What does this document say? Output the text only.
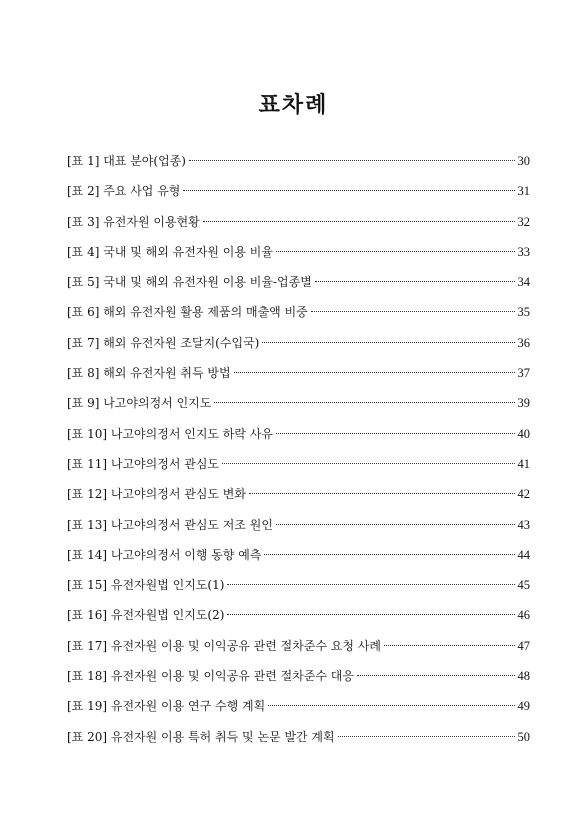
표차례
[표 1] 대표 분야(업종)	30
[표 2] 주요 사업 유형	31
[표 3] 유전자원 이용현황	32
[표 4] 국내 및 해외 유전자원 이용 비율	33
[표 5] 국내 및 해외 유전자원 이용 비율-업종별	34
[표 6] 해외 유전자원 활용 제품의 매출액 비중	35
[표 7] 해외 유전자원 조달지(수입국)	36
[표 8] 해외 유전자원 취득 방법	37
[표 9] 나고야의정서 인지도	39
[표 10] 나고야의정서 인지도 하락 사유	40
[표 11] 나고야의정서 관심도	41
[표 12] 나고야의정서 관심도 변화	42
[표 13] 나고야의정서 관심도 저조 원인	43
[표 14] 나고야의정서 이행 동향 예측	44
[표 15] 유전자원법 인지도(1)	45
[표 16] 유전자원법 인지도(2)	46
[표 17] 유전자원 이용 및 이익공유 관련 절차준수 요청 사례	47
[표 18] 유전자원 이용 및 이익공유 관련 절차준수 대응	48
[표 19] 유전자원 이용 연구 수행 계획	49
[표 20] 유전자원 이용 특허 취득 및 논문 발간 계획	50
